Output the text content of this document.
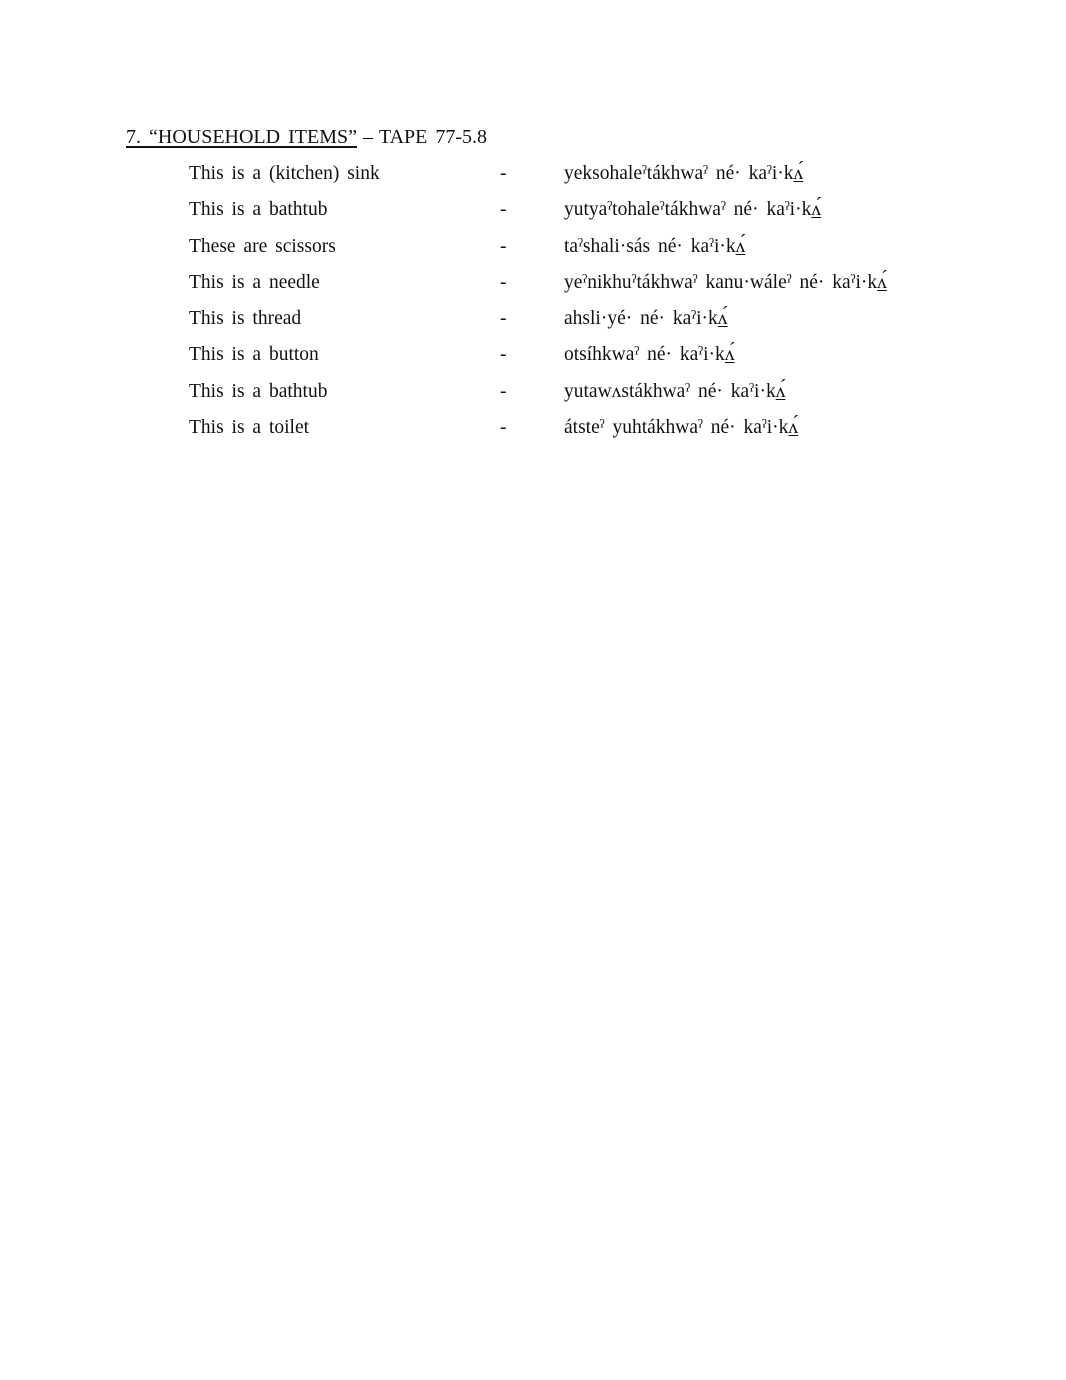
7. “HOUSEHOLD ITEMS” – TAPE 77-5.8
This is a (kitchen) sink	-	yeksohaleˀtákhwaˀ né· kaˀi·kʌ́
This is a bathtub	-	yutyaˀtohaleˀtákhwaˀ né· kaˀi·kʌ́
These are scissors	-	taˀshali·sás né· kaˀi·kʌ́
This is a needle	-	yeˀnikhuˀtákhwaˀ kanu·wáleˀ né· kaˀi·kʌ́
This is thread	-	ahsli·yé· né· kaˀi·kʌ́
This is a button	-	otsíhkwaˀ né· kaˀi·kʌ́
This is a bathtub	-	yutawʌstákhwaˀ né· kaˀi·kʌ́
This is a toilet	-	átsteˀ yuhtákhwaˀ né· kaˀi·kʌ́
